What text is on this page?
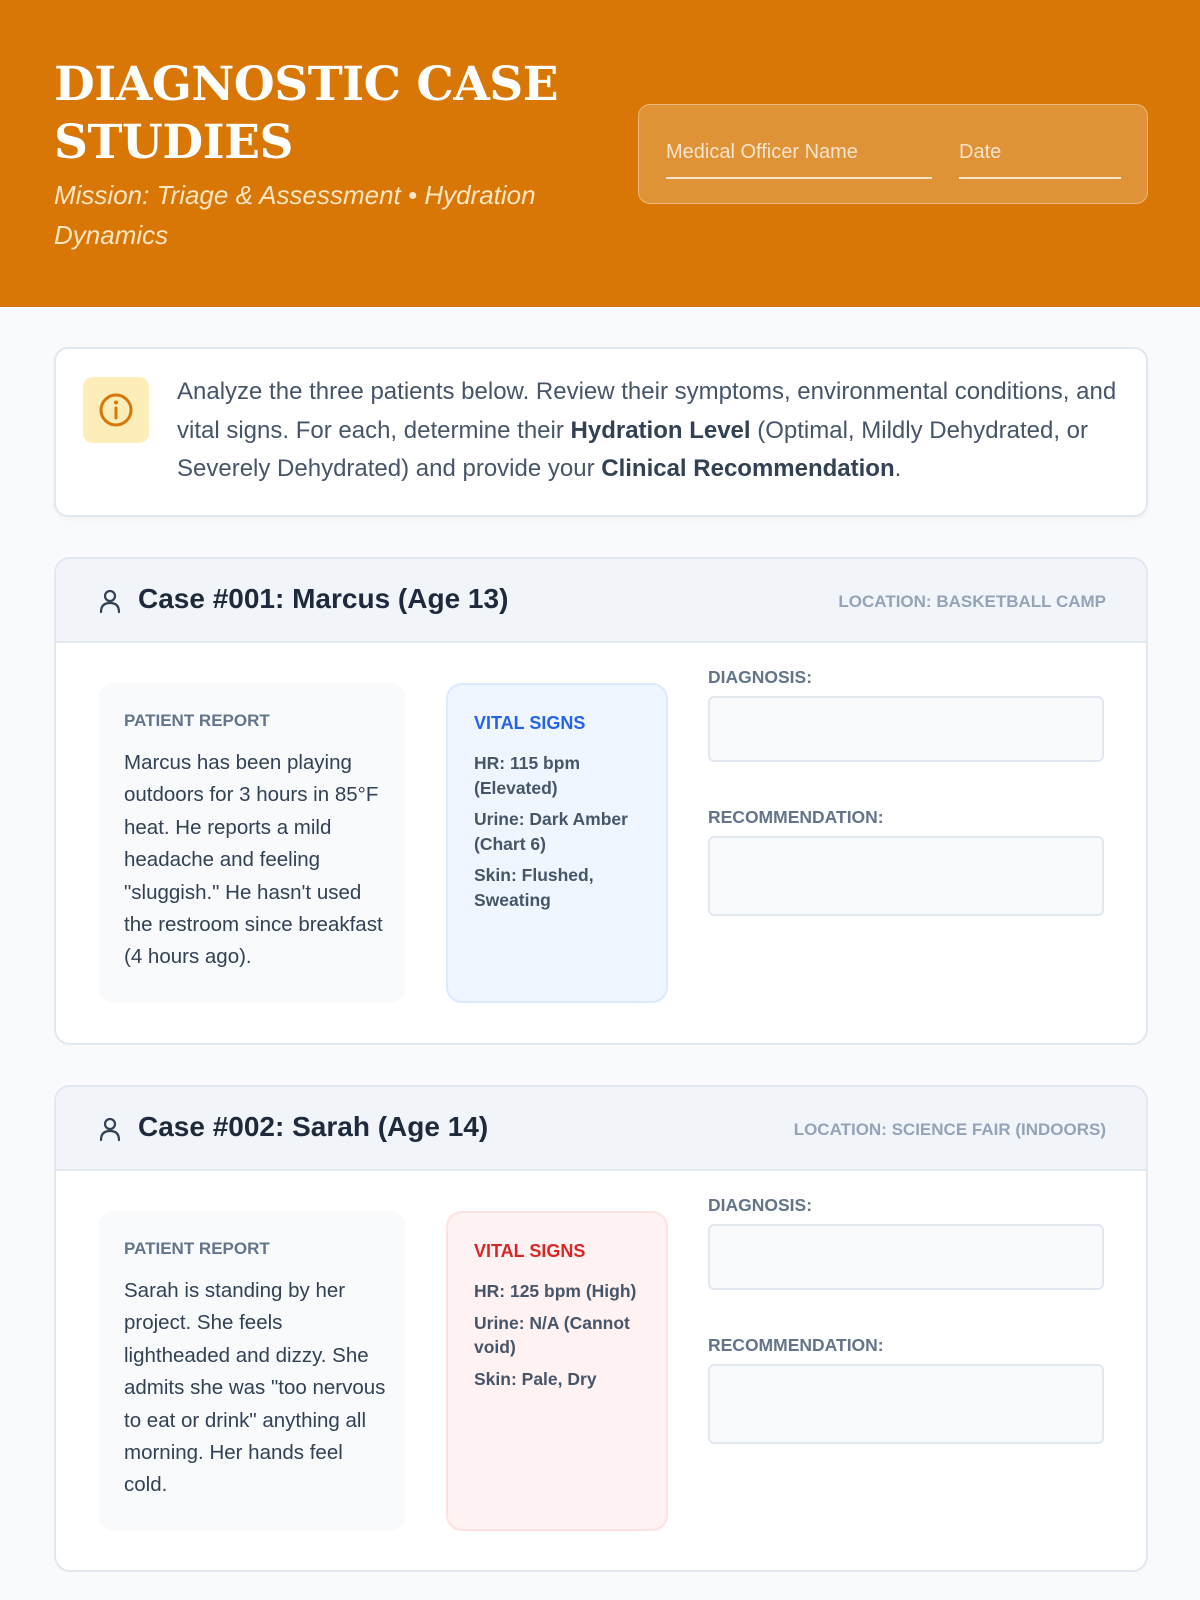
DIAGNOSTIC CASE STUDIES
Mission: Triage & Assessment • Hydration Dynamics
Medical Officer Name	Date

Analyze the three patients below. Review their symptoms, environmental conditions, and vital signs. For each, determine their Hydration Level (Optimal, Mildly Dehydrated, or Severely Dehydrated) and provide your Clinical Recommendation.

Case #001: Marcus (Age 13)	LOCATION: BASKETBALL CAMP
PATIENT REPORT

Marcus has been playing outdoors for 3 hours in 85°F heat. He reports a mild headache and feeling "sluggish." He hasn't used the restroom since breakfast (4 hours ago).

VITAL SIGNS
HR: 115 bpm (Elevated)
Urine: Dark Amber (Chart 6)
Skin: Flushed, Sweating
DIAGNOSIS:
RECOMMENDATION:
Case #002: Sarah (Age 14)	LOCATION: SCIENCE FAIR (INDOORS)
PATIENT REPORT

Sarah is standing by her project. She feels lightheaded and dizzy. She admits she was "too nervous to eat or drink" anything all morning. Her hands feel cold.

VITAL SIGNS
HR: 125 bpm (High)
Urine: N/A (Cannot void)
Skin: Pale, Dry
DIAGNOSIS:
RECOMMENDATION:
